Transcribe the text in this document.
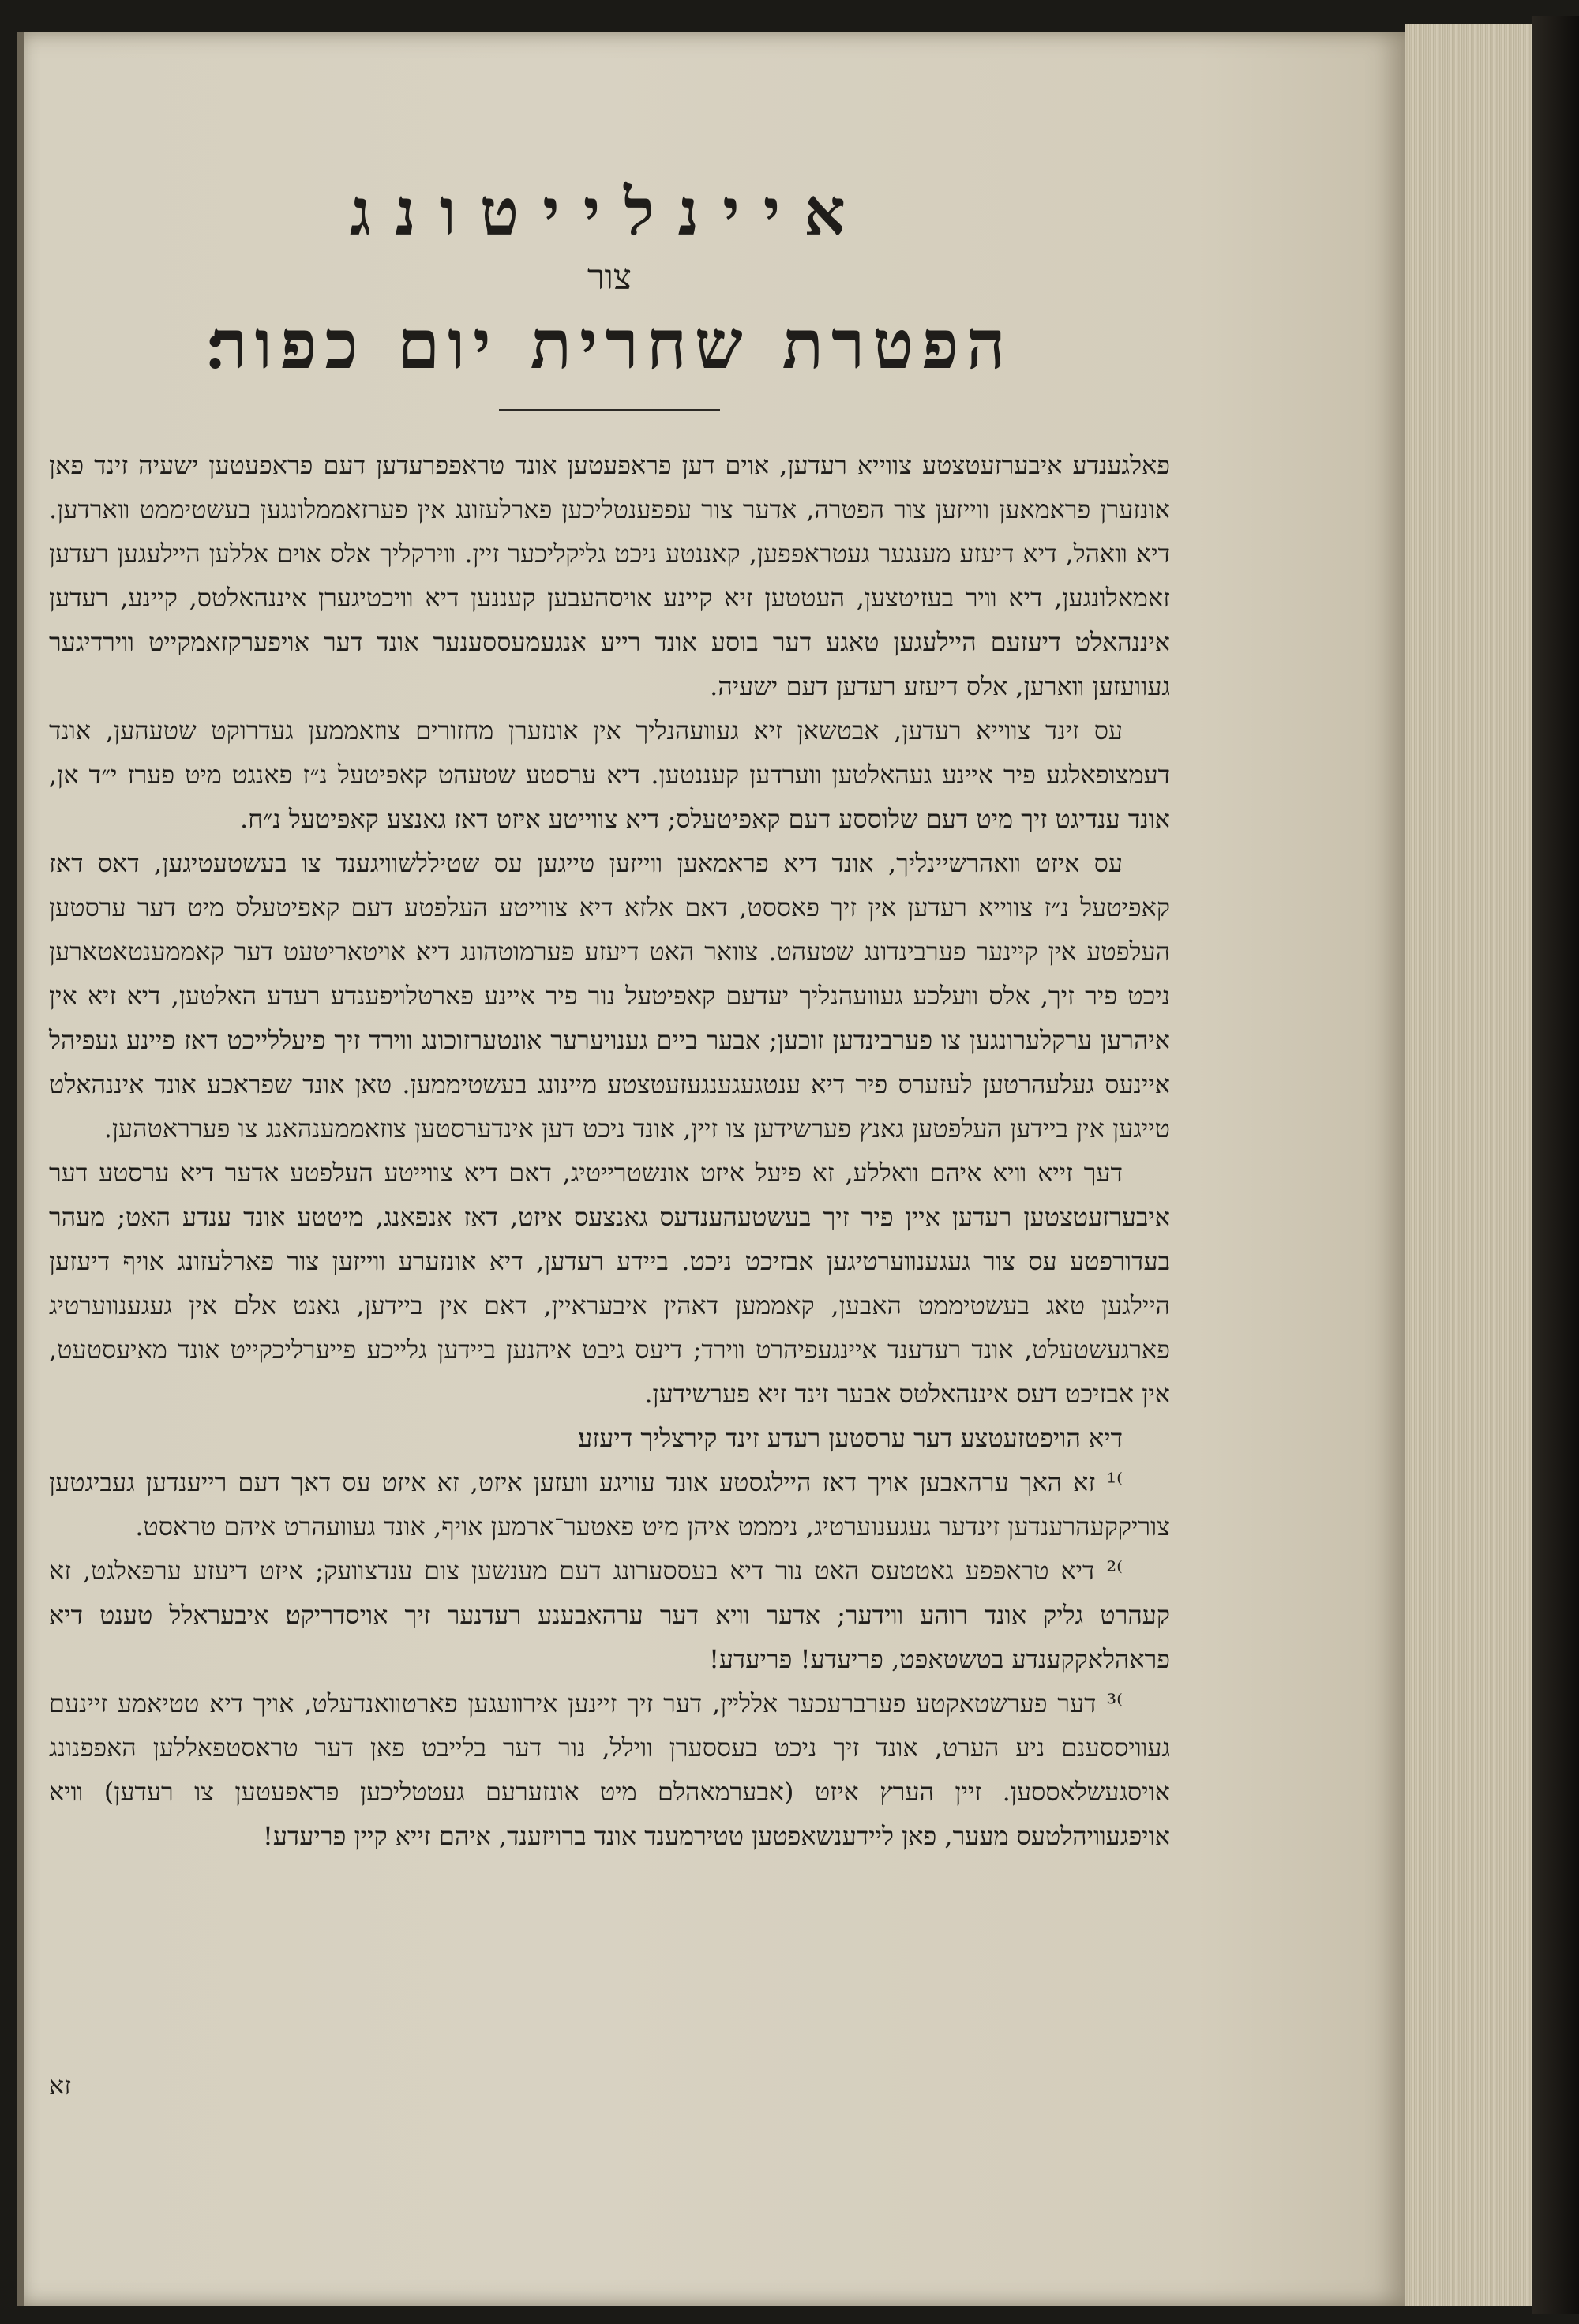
איינלייטונג
צור
הפטרת שחרית יום כפור׃

פאלגענדע איבערזעטצטע צווייא רעדען, אוים דען פראפעטען אונד טראפפרעדען דעם פראפעטען ישעיה זינד פאן אונזערן פראמאען ווייזען צור הפטרה, אדער צור עפפענטליכען פארלעזונג אין פערזאממלונגען בעשטיממט װארדען. דיא װאהל, דיא דיעזע מענגער געטראפפען, קאננטע ניכט גליקליכער זיין. װירקליך אלס אוים אללען היילעגען רעדען זאמאלונגען, דיא װיר בעזיטצען, העטטען זיא קיינע אויסהעבען קעננען דיא וויכטיגערן איננהאלטס, קיינע, רעדען איננהאלט דיעזעם היילעגען טאגע דער בוסע אונד רייע אנגעמעססענער אונד דער אויפערקזאמקייט װירדיגער געוועזען װארען, אלס דיעזע רעדען דעם ישעיה.

עס זינד צווייא רעדען, אבטשאן זיא געװעהנליך אין אונזערן מחזורים צוזאממען געדרוקט שטעהען, אונד דעמצופאלגע פיר איינע געהאלטען װערדען קעננטען. דיא ערסטע שטעהט קאפיטעל נ״ז פאנגט מיט פערז י״ד אן, אונד ענדיגט זיך מיט דעם שלוססע דעם קאפיטעלס; דיא צווייטע איזט דאז גאנצע קאפיטעל נ״ח.

עס איזט װאהרשיינליך, אונד דיא פראמאען װייזען טייגען עס שטיללשוויגענד צו בעשטעטיגען, דאס דאז קאפיטעל נ״ז צווייא רעדען אין זיך פאססט, דאם אלזא דיא צווייטע העלפטע דעם קאפיטעלס מיט דער ערסטען העלפטע אין קיינער פערבינדונג שטעהט. צוואר האט דיעזע פערמוטהונג דיא אויטאריטעט דער קאממענטאטארען ניכט פיר זיך, אלס װעלכע געוועהנליך יעדעם קאפיטעל נור פיר איינע פארטלויפענדע רעדע האלטען, דיא זיא אין איהרען ערקלערונגען צו פערבינדען זוכען; אבער ביים גענויערער אונטערזוכונג װירד זיך פיעללייכט דאז פיינע געפיהל איינעס געלעהרטען לעזערס פיר דיא ענטגעגענגעזעטצטע מיינונג בעשטיממען. טאן אונד שפראכע אונד איננהאלט טייגען אין ביידען העלפטען גאנץ פערשידען צו זיין, אונד ניכט דען אינדערסטען צוזאממענהאנג צו פערראטהען.

דעך זייא װיא איהם װאללע, זא פיעל איזט אונשטרייטיג, דאם דיא צווייטע העלפטע אדער דיא ערסטע דער איבערזעטצטען רעדען איין פיר זיך בעשטעהענדעס גאנצעס איזט, דאז אנפאנג, מיטטע אונד ענדע האט; מעהר בעדורפטע עס צור געגענװערטיגען אבזיכט ניכט. ביידע רעדען, דיא אונזערע װייזען צור פארלעזונג אויף דיעזען היילגען טאג בעשטיממט האבען, קאממען דאהין איבעראיין, דאם אין ביידען, גאנט אלם אין געגענווערטיג פארגעשטעלט, אונד רעדענד איינגעפיהרט װירד; דיעס גיבט איהנען ביידען גלייכע פייערליכקייט אונד מאיעסטעט, אין אבזיכט דעס איננהאלטס אבער זינד זיא פערשידען.

דיא הויפטזעטצע דער ערסטען רעדע זינד קירצליך דיעזע׃

⁾¹ זא האך ערהאבען אויך דאז היילגסטע אונד עװיגע װעזען איזט, זא איזט עס דאך דעם רייענדען געביגטען צוריקקעהרענדען זינדער געגענוערטיג, ניממט איהן מיט פאטער־ארמען אויף, אונד געװעהרט איהם טראסט.

⁾² דיא טראפפע גאטטעס האט נור דיא בעססערונג דעם מענשען צום ענדצוועק; איזט דיעזע ערפאלגט, זא קעהרט גליק אונד רוהע װידער; אדער װיא דער ערהאבענע רעדנער זיך אויסדריקט׃ איבעראלל טענט דיא פראהלאקקענדע בטשטאפט, פריעדע! פריעדע!

⁾³ דער פערשטאקטע פערברעכער אללײן, דער זיך זיינען אירװעגען פארטװאנדעלט, אויך דיא טטיאמע זיינעם געװיססענם ניע הערט, אונד זיך ניכט בעססערן װילל, נור דער בלייבט פאן דער טראסטפאללען האפפנונג אויסגעשלאססען. זיין הערץ איזט (אבערמאהלם מיט אונזערעם געטטליכען פראפעטען צו רעדען) װיא אויפגעװיהלטעס מעער, פאן ליידענשאפטען טטירמענד אונד ברויזענד, איהם זייא קיין פריעדע!

זא
